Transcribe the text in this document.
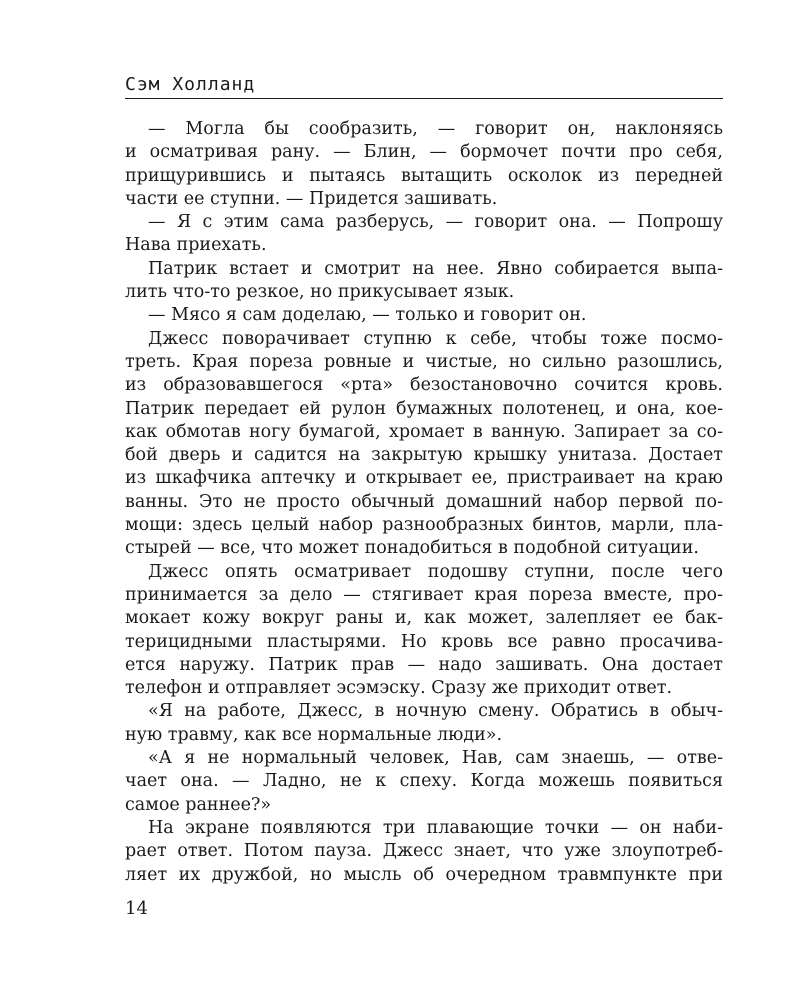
Сэм Холланд
— Могла бы сообразить, — говорит он, наклоняясь
и осматривая рану. — Блин, — бормочет почти про себя,
прищурившись и пытаясь вытащить осколок из передней
части ее ступни. — Придется зашивать.
— Я с этим сама разберусь, — говорит она. — Попрошу
Нава приехать.
Патрик встает и смотрит на нее. Явно собирается выпа-
лить что-то резкое, но прикусывает язык.
— Мясо я сам доделаю, — только и говорит он.
Джесс поворачивает ступню к себе, чтобы тоже посмо-
треть. Края пореза ровные и чистые, но сильно разошлись,
из образовавшегося «рта» безостановочно сочится кровь.
Патрик передает ей рулон бумажных полотенец, и она, кое-
как обмотав ногу бумагой, хромает в ванную. Запирает за со-
бой дверь и садится на закрытую крышку унитаза. Достает
из шкафчика аптечку и открывает ее, пристраивает на краю
ванны. Это не просто обычный домашний набор первой по-
мощи: здесь целый набор разнообразных бинтов, марли, пла-
стырей — все, что может понадобиться в подобной ситуации.
Джесс опять осматривает подошву ступни, после чего
принимается за дело — стягивает края пореза вместе, про-
мокает кожу вокруг раны и, как может, залепляет ее бак-
терицидными пластырями. Но кровь все равно просачива-
ется наружу. Патрик прав — надо зашивать. Она достает
телефон и отправляет эсэмэску. Сразу же приходит ответ.
«Я на работе, Джесс, в ночную смену. Обратись в обыч-
ную травму, как все нормальные люди».
«А я не нормальный человек, Нав, сам знаешь, — отве-
чает она. — Ладно, не к спеху. Когда можешь появиться
самое раннее?»
На экране появляются три плавающие точки — он наби-
рает ответ. Потом пауза. Джесс знает, что уже злоупотреб-
ляет их дружбой, но мысль об очередном травмпункте при
14
